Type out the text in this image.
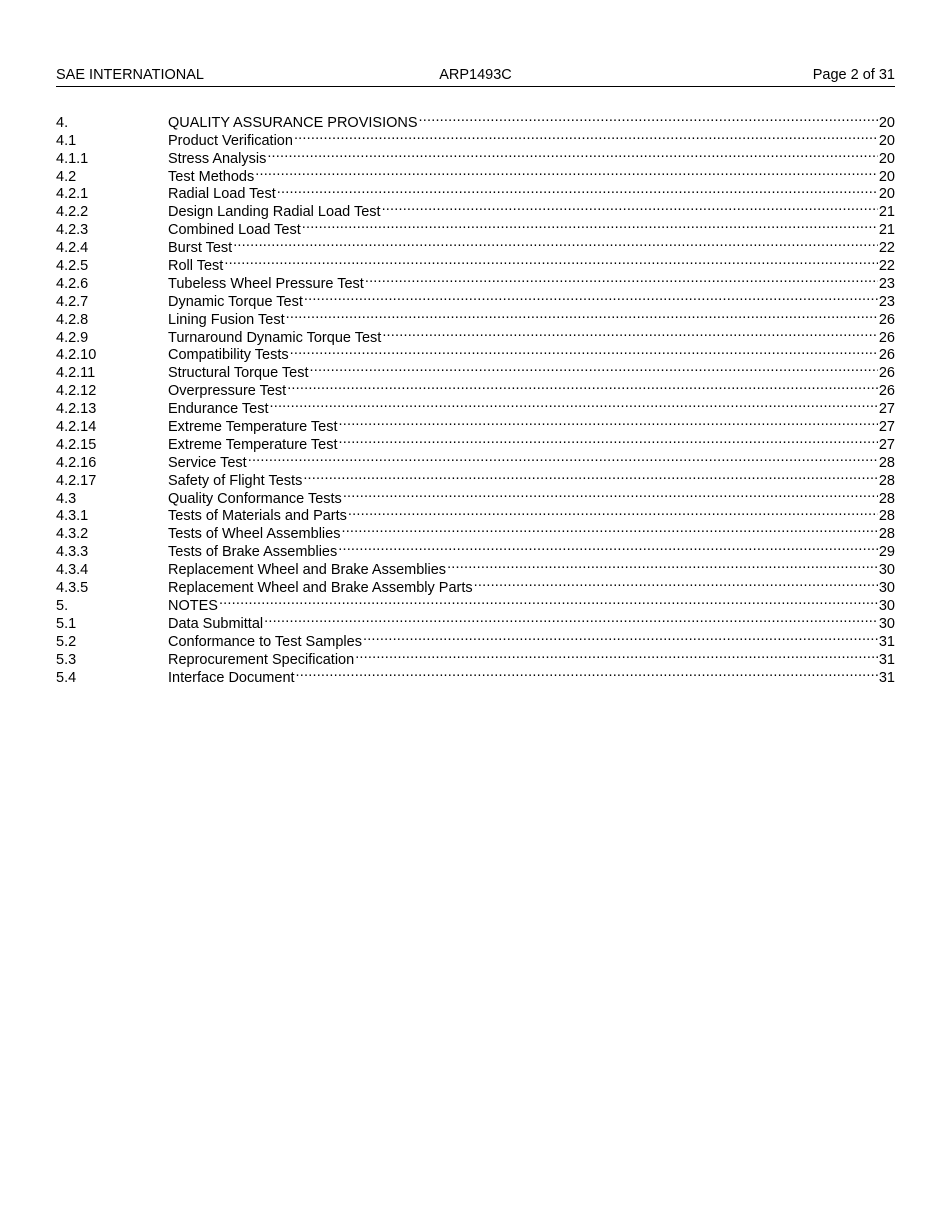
SAE INTERNATIONAL	ARP1493C	Page 2 of 31
4.	QUALITY ASSURANCE PROVISIONS .....	20
4.1	Product Verification .....	20
4.1.1	Stress Analysis .....	20
4.2	Test Methods .....	20
4.2.1	Radial Load Test .....	20
4.2.2	Design Landing Radial Load Test .....	21
4.2.3	Combined Load Test .....	21
4.2.4	Burst Test .....	22
4.2.5	Roll Test .....	22
4.2.6	Tubeless Wheel Pressure Test .....	23
4.2.7	Dynamic Torque Test .....	23
4.2.8	Lining Fusion Test .....	26
4.2.9	Turnaround Dynamic Torque Test .....	26
4.2.10	Compatibility Tests .....	26
4.2.11	Structural Torque Test .....	26
4.2.12	Overpressure Test .....	26
4.2.13	Endurance Test .....	27
4.2.14	Extreme Temperature Test .....	27
4.2.15	Extreme Temperature Test .....	27
4.2.16	Service Test .....	28
4.2.17	Safety of Flight Tests .....	28
4.3	Quality Conformance Tests .....	28
4.3.1	Tests of Materials and Parts .....	28
4.3.2	Tests of Wheel Assemblies .....	28
4.3.3	Tests of Brake Assemblies .....	29
4.3.4	Replacement Wheel and Brake Assemblies .....	30
4.3.5	Replacement Wheel and Brake Assembly Parts .....	30
5.	NOTES .....	30
5.1	Data Submittal .....	30
5.2	Conformance to Test Samples .....	31
5.3	Reprocurement Specification .....	31
5.4	Interface Document .....	31
